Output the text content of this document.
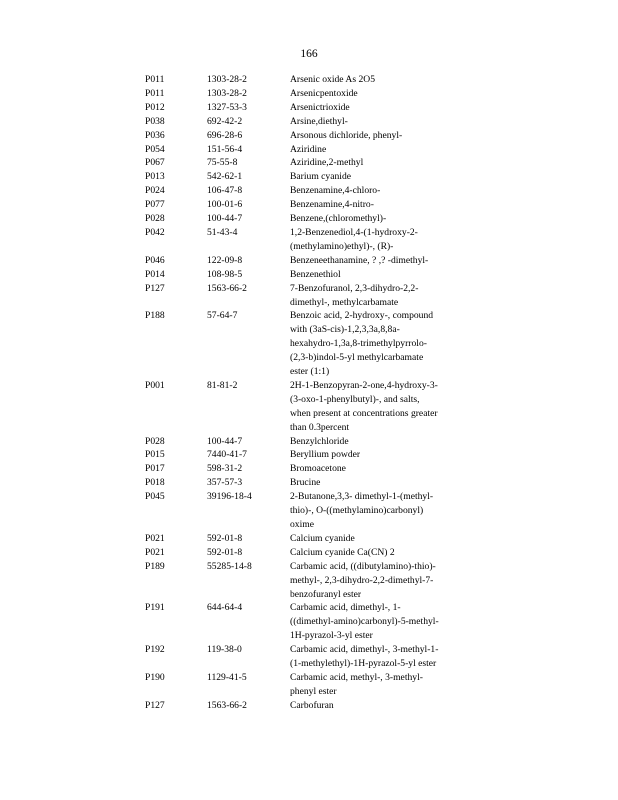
166
P011	1303-28-2	Arsenic oxide As 2O5
P011	1303-28-2	Arsenicpentoxide
P012	1327-53-3	Arsenictrioxide
P038	692-42-2	Arsine,diethyl-
P036	696-28-6	Arsonous dichloride, phenyl-
P054	151-56-4	Aziridine
P067	75-55-8	Aziridine,2-methyl
P013	542-62-1	Barium cyanide
P024	106-47-8	Benzenamine,4-chloro-
P077	100-01-6	Benzenamine,4-nitro-
P028	100-44-7	Benzene,(chloromethyl)-
P042	51-43-4	1,2-Benzenediol,4-(1-hydroxy-2-
(methylamino)ethyl)-, (R)-
P046	122-09-8	Benzeneethanamine, ? ,? -dimethyl-
P014	108-98-5	Benzenethiol
P127	1563-66-2	7-Benzofuranol, 2,3-dihydro-2,2-
dimethyl-, methylcarbamate
P188	57-64-7	Benzoic acid, 2-hydroxy-, compound
with (3aS-cis)-1,2,3,3a,8,8a-
hexahydro-1,3a,8-trimethylpyrrolo-
(2,3-b)indol-5-yl methylcarbamate
ester (1:1)
P001	81-81-2	2H-1-Benzopyran-2-one,4-hydroxy-3-
(3-oxo-1-phenylbutyl)-, and salts,
when present at concentrations greater
than 0.3percent
P028	100-44-7	Benzylchloride
P015	7440-41-7	Beryllium powder
P017	598-31-2	Bromoacetone
P018	357-57-3	Brucine
P045	39196-18-4	2-Butanone,3,3- dimethyl-1-(methyl-
thio)-, O-((methylamino)carbonyl)
oxime
P021	592-01-8	Calcium cyanide
P021	592-01-8	Calcium cyanide Ca(CN) 2
P189	55285-14-8	Carbamic acid, ((dibutylamino)-thio)-
methyl-, 2,3-dihydro-2,2-dimethyl-7-
benzofuranyl ester
P191	644-64-4	Carbamic acid, dimethyl-, 1-
((dimethyl-amino)carbonyl)-5-methyl-
1H-pyrazol-3-yl ester
P192	119-38-0	Carbamic acid, dimethyl-, 3-methyl-1-
(1-methylethyl)-1H-pyrazol-5-yl ester
P190	1129-41-5	Carbamic acid, methyl-, 3-methyl-
phenyl ester
P127	1563-66-2	Carbofuran
